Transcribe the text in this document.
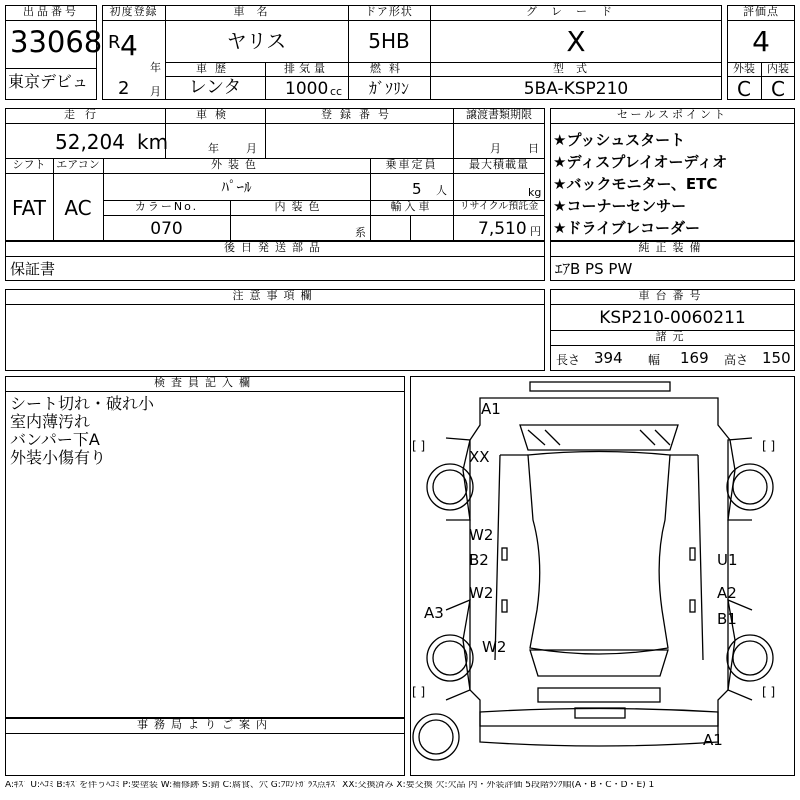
出品番号
33068
東京デビュ
初度登録
R 4
年
2 月
車名
ヤリス
車歴
レンタ
排気量
1000 cc
ドア形状
5HB
燃料
ｶﾞｿﾘﾝ
グレード
X
型式
5BA-KSP210
評価点
4
外装	内装
C	C
走行
52,204 km
車検
年 月
登録番号	譲渡書類期限
月 日
シフト
FAT
エアコン
AC
外装色
ﾊﾟｰﾙ
乗車定員
5 人
最大積載量
kg
カラーNo.
070
内装色
系
輸入車	リサイクル預託金
7,510 円
セールスポイント
★プッシュスタート
★ディスプレイオーディオ
★バックモニター、ETC
★コーナーセンサー
★ドライブレコーダー
後日発送部品
保証書
純正装備
ｴｱB PS PW
注意事項欄	車台番号
KSP210-0060211
諸元
長さ 394 幅 169 高さ 150
検査員記入欄
シート切れ・破れ小
室内薄汚れ
バンパー下A
外装小傷有り
事務局よりご案内
A1
XX
W2
B2	U1
W2	A2
A3	B1
W2
A1
[ ]	[ ]
[ ]	[ ]
A:ｷｽﾞ U:ﾍｺﾐ B:ｷｽﾞを伴うﾍｺﾐ P:要塗装 W:補修跡 S:錆 C:腐食、穴 G:ﾌﾛﾝﾄｶﾞﾗｽ点ｷｽﾞ XX:交換済み X:要交換 欠:欠品 内・外装評価 5段階ﾗﾝｸ順(A・B・C・D・E) 1
